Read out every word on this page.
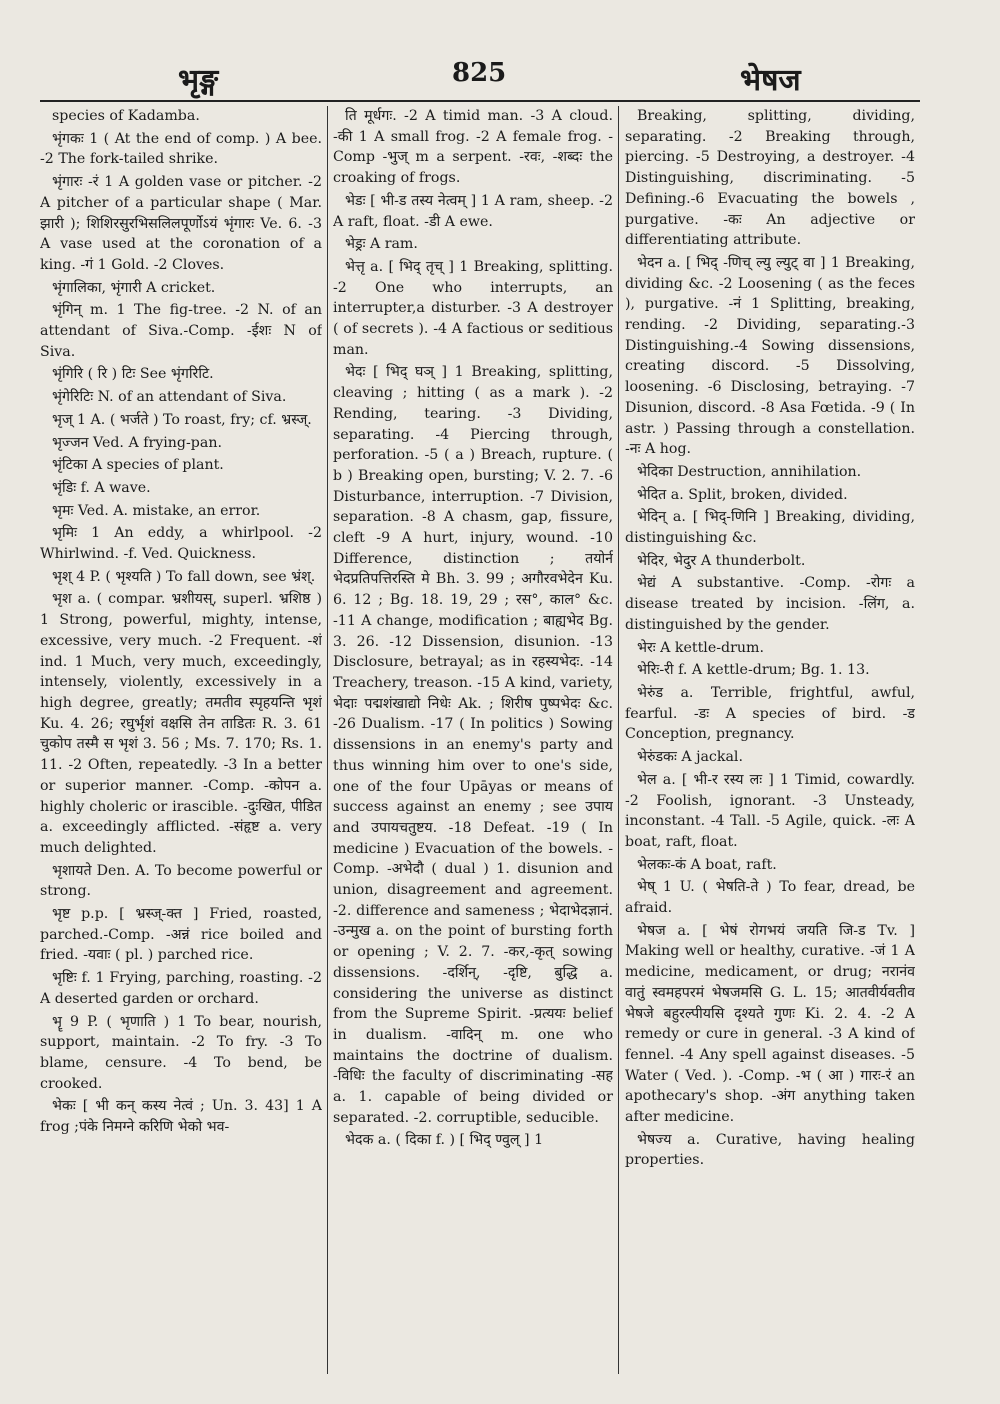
भृङ्ग	825	भेषज

species of Kadamba.

भृंगकः 1 ( At the end of comp. ) A bee. -2 The fork-tailed shrike.

भृंगारः -रं 1 A golden vase or pitcher. -2 A pitcher of a particular shape ( Mar. झारी ); शिशिरसुरभिसलिलपूर्णोऽयं भृंगारः Ve. 6. -3 A vase used at the coronation of a king. -गं 1 Gold. -2 Cloves.

भृंगालिका, भृंगारी A cricket.

भृंगिन् m. 1 The fig-tree. -2 N. of an attendant of Siva.-Comp. -ईशः N of Siva.

भृंगिरि ( रि ) टिः See भृंगरिटि.

भृंगेरिटिः N. of an attendant of Siva.

भृज् 1 A. ( भर्जते ) To roast, fry; cf. भ्रस्ज्.

भृज्जन Ved. A frying-pan.

भृंटिका A species of plant.

भृंडिः f. A wave.

भृमः Ved. A. mistake, an error.

भृमिः 1 An eddy, a whirlpool. -2 Whirlwind. -f. Ved. Quickness.

भृश् 4 P. ( भृश्यति ) To fall down, see भ्रंश्.

भृश a. ( compar. भ्रशीयस्, superl. भ्रशिष्ठ ) 1 Strong, powerful, mighty, intense, excessive, very much. -2 Frequent. -शं ind. 1 Much, very much, exceedingly, intensely, violently, excessively in a high degree, greatly; तमतीव स्पृहयन्ति भृशं Ku. 4. 26; रघुर्भृशं वक्षसि तेन ताडितः R. 3. 61 चुकोप तस्मै स भृशं 3. 56 ; Ms. 7. 170; Rs. 1. 11. -2 Often, repeatedly. -3 In a better or superior manner. -Comp. -कोपन a. highly choleric or irascible. -दुःखित, पीडित a. exceedingly afflicted. -संहृष्ट a. very much delighted.

भृशायते Den. A. To become powerful or strong.

भृष्ट p.p. [ भ्रस्ज्-क्त ] Fried, roasted, parched.-Comp. -अन्नं rice boiled and fried. -यवाः ( pl. ) parched rice.

भृष्टिः f. 1 Frying, parching, roasting. -2 A deserted garden or orchard.

भॄ 9 P. ( भृणाति ) 1 To bear, nourish, support, maintain. -2 To fry. -3 To blame, censure. -4 To bend, be crooked.

भेकः [ भी कन् कस्य नेत्वं ; Un. 3. 43] 1 A frog ;पंके निमग्ने करिणि भेको भव-

ति मूर्धगः. -2 A timid man. -3 A cloud. -की 1 A small frog. -2 A female frog. -Comp -भुज् m a serpent. -रवः, -शब्दः the croaking of frogs.

भेडः [ भी-ड तस्य नेत्वम् ] 1 A ram, sheep. -2 A raft, float. -डी A ewe.

भेड्रः A ram.

भेत्तृ a. [ भिद् तृच् ] 1 Breaking, splitting. -2 One who interrupts, an interrupter,a disturber. -3 A destroyer ( of secrets ). -4 A factious or seditious man.

भेदः [ भिद् घञ् ] 1 Breaking, splitting, cleaving ; hitting ( as a mark ). -2 Rending, tearing. -3 Dividing, separating. -4 Piercing through, perforation. -5 ( a ) Breach, rupture. ( b ) Breaking open, bursting; V. 2. 7. -6 Disturbance, interruption. -7 Division, separation. -8 A chasm, gap, fissure, cleft -9 A hurt, injury, wound. -10 Difference, distinction ; तयोर्न भेदप्रतिपत्तिरस्ति मे Bh. 3. 99 ; अगौरवभेदेन Ku. 6. 12 ; Bg. 18. 19, 29 ; रस°, काल° &c. -11 A change, modification ; बाह्यभेद Bg. 3. 26. -12 Dissension, disunion. -13 Disclosure, betrayal; as in रहस्यभेदः. -14 Treachery, treason. -15 A kind, variety, भेदाः पद्मशंखाद्यो निधेः Ak. ; शिरीष पुष्पभेदः &c. -26 Dualism. -17 ( In politics ) Sowing dissensions in an enemy's party and thus winning him over to one's side, one of the four Upāyas or means of success against an enemy ; see उपाय and उपायचतुष्टय. -18 Defeat. -19 ( In medicine ) Evacuation of the bowels. -Comp. -अभेदौ ( dual ) 1. disunion and union, disagreement and agreement. -2. difference and sameness ; भेदाभेदज्ञानं. -उन्मुख a. on the point of bursting forth or opening ; V. 2. 7. -कर,-कृत् sowing dissensions. -दर्शिन्, -दृष्टि, बुद्धि a. considering the universe as distinct from the Supreme Spirit. -प्रत्ययः belief in dualism. -वादिन् m. one who maintains the doctrine of dualism. -विधिः the faculty of discriminating -सह a. 1. capable of being divided or separated. -2. corruptible, seducible.

भेदक a. ( दिका f. ) [ भिद् ण्वुल् ] 1

Breaking, splitting, dividing, separating. -2 Breaking through, piercing. -5 Destroying, a destroyer. -4 Distinguishing, discriminating. -5 Defining.-6 Evacuating the bowels , purgative. -कः An adjective or differentiating attribute.

भेदन a. [ भिद् -णिच् ल्यु ल्युट् वा ] 1 Breaking, dividing &c. -2 Loosening ( as the feces ), purgative. -नं 1 Splitting, breaking, rending. -2 Dividing, separating.-3 Distinguishing.-4 Sowing dissensions, creating discord. -5 Dissolving, loosening. -6 Disclosing, betraying. -7 Disunion, discord. -8 Asa Fœtida. -9 ( In astr. ) Passing through a constellation. -नः A hog.

भेदिका Destruction, annihilation.

भेदित a. Split, broken, divided.

भेदिन् a. [ भिद्-णिनि ] Breaking, dividing, distinguishing &c.

भेदिर, भेदुर A thunderbolt.

भेद्यं A substantive. -Comp. -रोगः a disease treated by incision. -लिंग, a. distinguished by the gender.

भेरः A kettle-drum.

भेरिः-री f. A kettle-drum; Bg. 1. 13.

भेरुंड a. Terrible, frightful, awful, fearful. -डः A species of bird. -ड Conception, pregnancy.

भेरुंडकः A jackal.

भेल a. [ भी-र रस्य लः ] 1 Timid, cowardly. -2 Foolish, ignorant. -3 Unsteady, inconstant. -4 Tall. -5 Agile, quick. -लः A boat, raft, float.

भेलकः-कं A boat, raft.

भेष् 1 U. ( भेषति-ते ) To fear, dread, be afraid.

भेषज a. [ भेषं रोगभयं जयति जि-ड Tv. ] Making well or healthy, curative. -जं 1 A medicine, medicament, or drug; नरानंव वातुं स्वमहपरमं भेषजमसि G. L. 15; आतवीर्यवतीव भेषजे बहुरल्पीयसि दृश्यते गुणः Ki. 2. 4. -2 A remedy or cure in general. -3 A kind of fennel. -4 Any spell against diseases. -5 Water ( Ved. ). -Comp. -भ ( आ ) गारः-रं an apothecary's shop. -अंग anything taken after medicine.

भेषज्य a. Curative, having healing properties.
